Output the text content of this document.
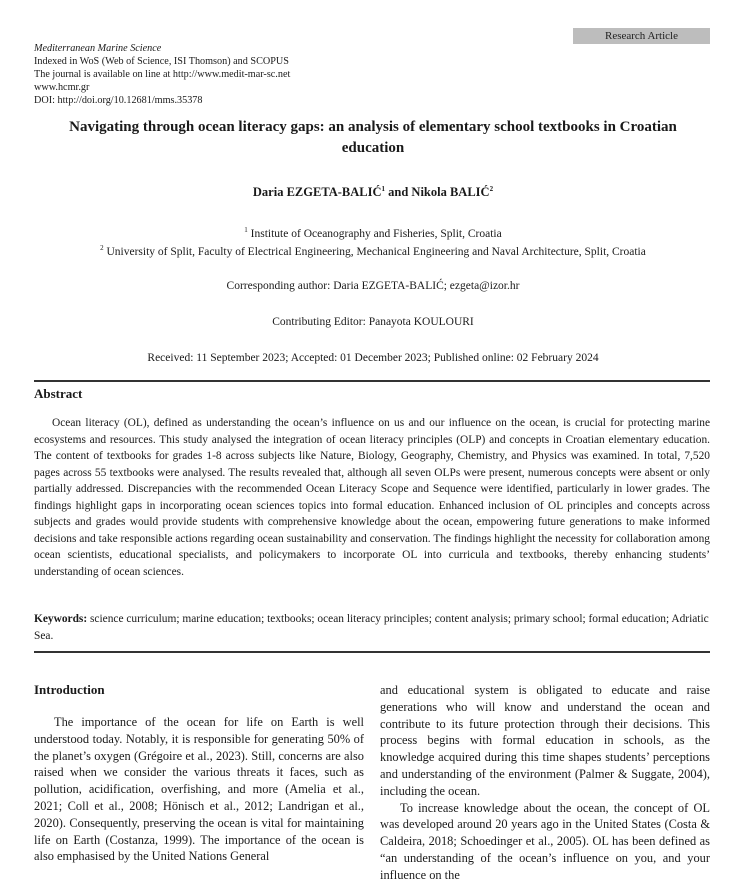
Research Article
Mediterranean Marine Science
Indexed in WoS (Web of Science, ISI Thomson) and SCOPUS
The journal is available on line at http://www.medit-mar-sc.net
www.hcmr.gr
DOI: http://doi.org/10.12681/mms.35378
Navigating through ocean literacy gaps: an analysis of elementary school textbooks in Croatian education
Daria EZGETA-BALIĆ$^1$ and Nikola BALIĆ$^2$
$^1$ Institute of Oceanography and Fisheries, Split, Croatia
$^2$ University of Split, Faculty of Electrical Engineering, Mechanical Engineering and Naval Architecture, Split, Croatia
Corresponding author: Daria EZGETA-BALIĆ; ezgeta@izor.hr
Contributing Editor: Panayota KOULOURI
Received: 11 September 2023; Accepted: 01 December 2023; Published online: 02 February 2024
Abstract
Ocean literacy (OL), defined as understanding the ocean’s influence on us and our influence on the ocean, is crucial for protecting marine ecosystems and resources. This study analysed the integration of ocean literacy principles (OLP) and concepts in Croatian elementary education. The content of textbooks for grades 1-8 across subjects like Nature, Biology, Geography, Chemistry, and Physics was examined. In total, 7,520 pages across 55 textbooks were analysed. The results revealed that, although all seven OLPs were present, numerous concepts were absent or only partially addressed. Discrepancies with the recommended Ocean Literacy Scope and Sequence were identified, particularly in lower grades. The findings highlight gaps in incorporating ocean sciences topics into formal education. Enhanced inclusion of OL principles and concepts across subjects and grades would provide students with comprehensive knowledge about the ocean, empowering future generations to make informed decisions and take responsible actions regarding ocean sustainability and conservation. The findings highlight the necessity for collaboration among ocean scientists, educational specialists, and policymakers to incorporate OL into curricula and textbooks, thereby enhancing students’ understanding of ocean sciences.
Keywords: science curriculum; marine education; textbooks; ocean literacy principles; content analysis; primary school; formal education; Adriatic Sea.
Introduction

The importance of the ocean for life on Earth is well understood today. Notably, it is responsible for generating 50% of the planet’s oxygen (Grégoire et al., 2023). Still, concerns are also raised when we consider the various threats it faces, such as pollution, acidification, overfishing, and more (Amelia et al., 2021; Coll et al., 2008; Hönisch et al., 2012; Landrigan et al., 2020). Consequently, preserving the ocean is vital for maintaining life on Earth (Costanza, 1999). The importance of the ocean is also emphasised by the United Nations General

and educational system is obligated to educate and raise generations who will know and understand the ocean and contribute to its future protection through their decisions. This process begins with formal education in schools, as the knowledge acquired during this time shapes students’ perceptions and understanding of the environment (Palmer & Suggate, 2004), including the ocean.

To increase knowledge about the ocean, the concept of OL was developed around 20 years ago in the United States (Costa & Caldeira, 2018; Schoedinger et al., 2005). OL has been defined as “an understanding of the ocean’s influence on you, and your influence on the
